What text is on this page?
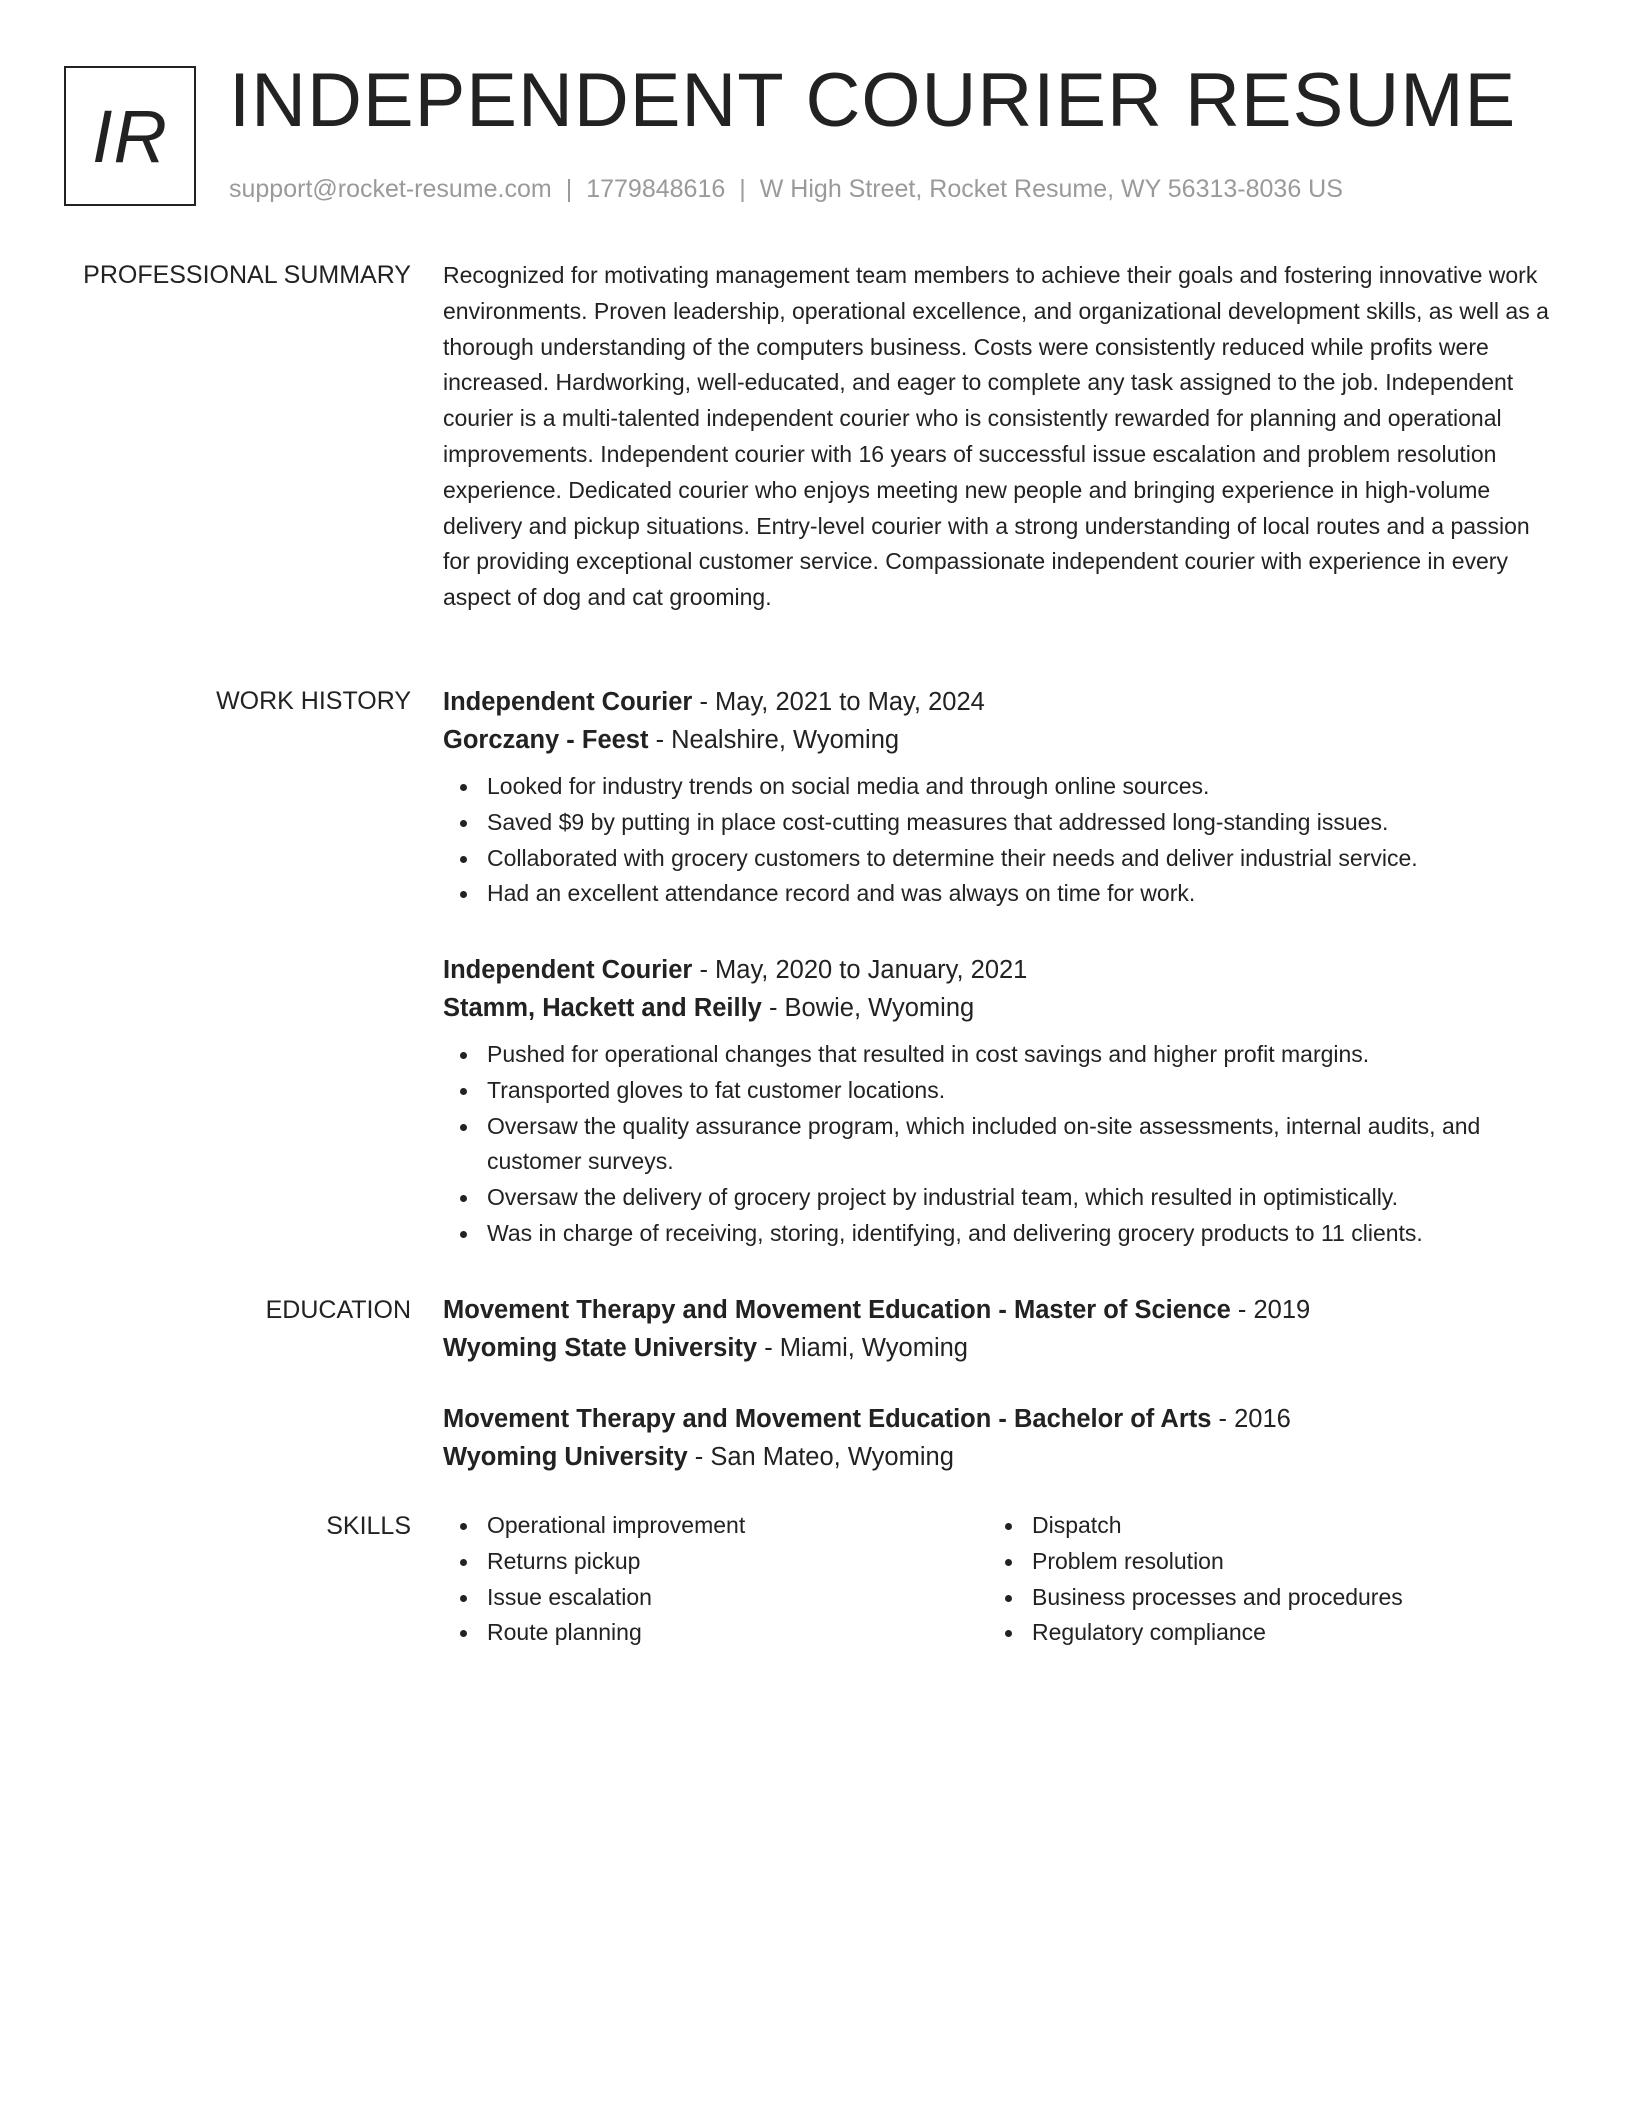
IR INDEPENDENT COURIER RESUME
support@rocket-resume.com | 1779848616 | W High Street, Rocket Resume, WY 56313-8036 US
PROFESSIONAL SUMMARY Recognized for motivating management team members to achieve their goals and fostering innovative work environments. Proven leadership, operational excellence, and organizational development skills, as well as a thorough understanding of the computers business. Costs were consistently reduced while profits were increased. Hardworking, well-educated, and eager to complete any task assigned to the job. Independent courier is a multi-talented independent courier who is consistently rewarded for planning and operational improvements. Independent courier with 16 years of successful issue escalation and problem resolution experience. Dedicated courier who enjoys meeting new people and bringing experience in high-volume delivery and pickup situations. Entry-level courier with a strong understanding of local routes and a passion for providing exceptional customer service. Compassionate independent courier with experience in every aspect of dog and cat grooming.

WORK HISTORY Independent Courier - May, 2021 to May, 2024
Gorczany - Feest - Nealshire, Wyoming
Looked for industry trends on social media and through online sources.
Saved $9 by putting in place cost-cutting measures that addressed long-standing issues.
Collaborated with grocery customers to determine their needs and deliver industrial service.
Had an excellent attendance record and was always on time for work.
Independent Courier - May, 2020 to January, 2021
Stamm, Hackett and Reilly - Bowie, Wyoming
Pushed for operational changes that resulted in cost savings and higher profit margins.
Transported gloves to fat customer locations.
Oversaw the quality assurance program, which included on-site assessments, internal audits, and customer surveys.
Oversaw the delivery of grocery project by industrial team, which resulted in optimistically.
Was in charge of receiving, storing, identifying, and delivering grocery products to 11 clients.
EDUCATION Movement Therapy and Movement Education - Master of Science - 2019
Wyoming State University - Miami, Wyoming
Movement Therapy and Movement Education - Bachelor of Arts - 2016
Wyoming University - San Mateo, Wyoming
SKILLS	Operational improvement
Returns pickup
Issue escalation
Route planning
Dispatch
Problem resolution
Business processes and procedures
Regulatory compliance
